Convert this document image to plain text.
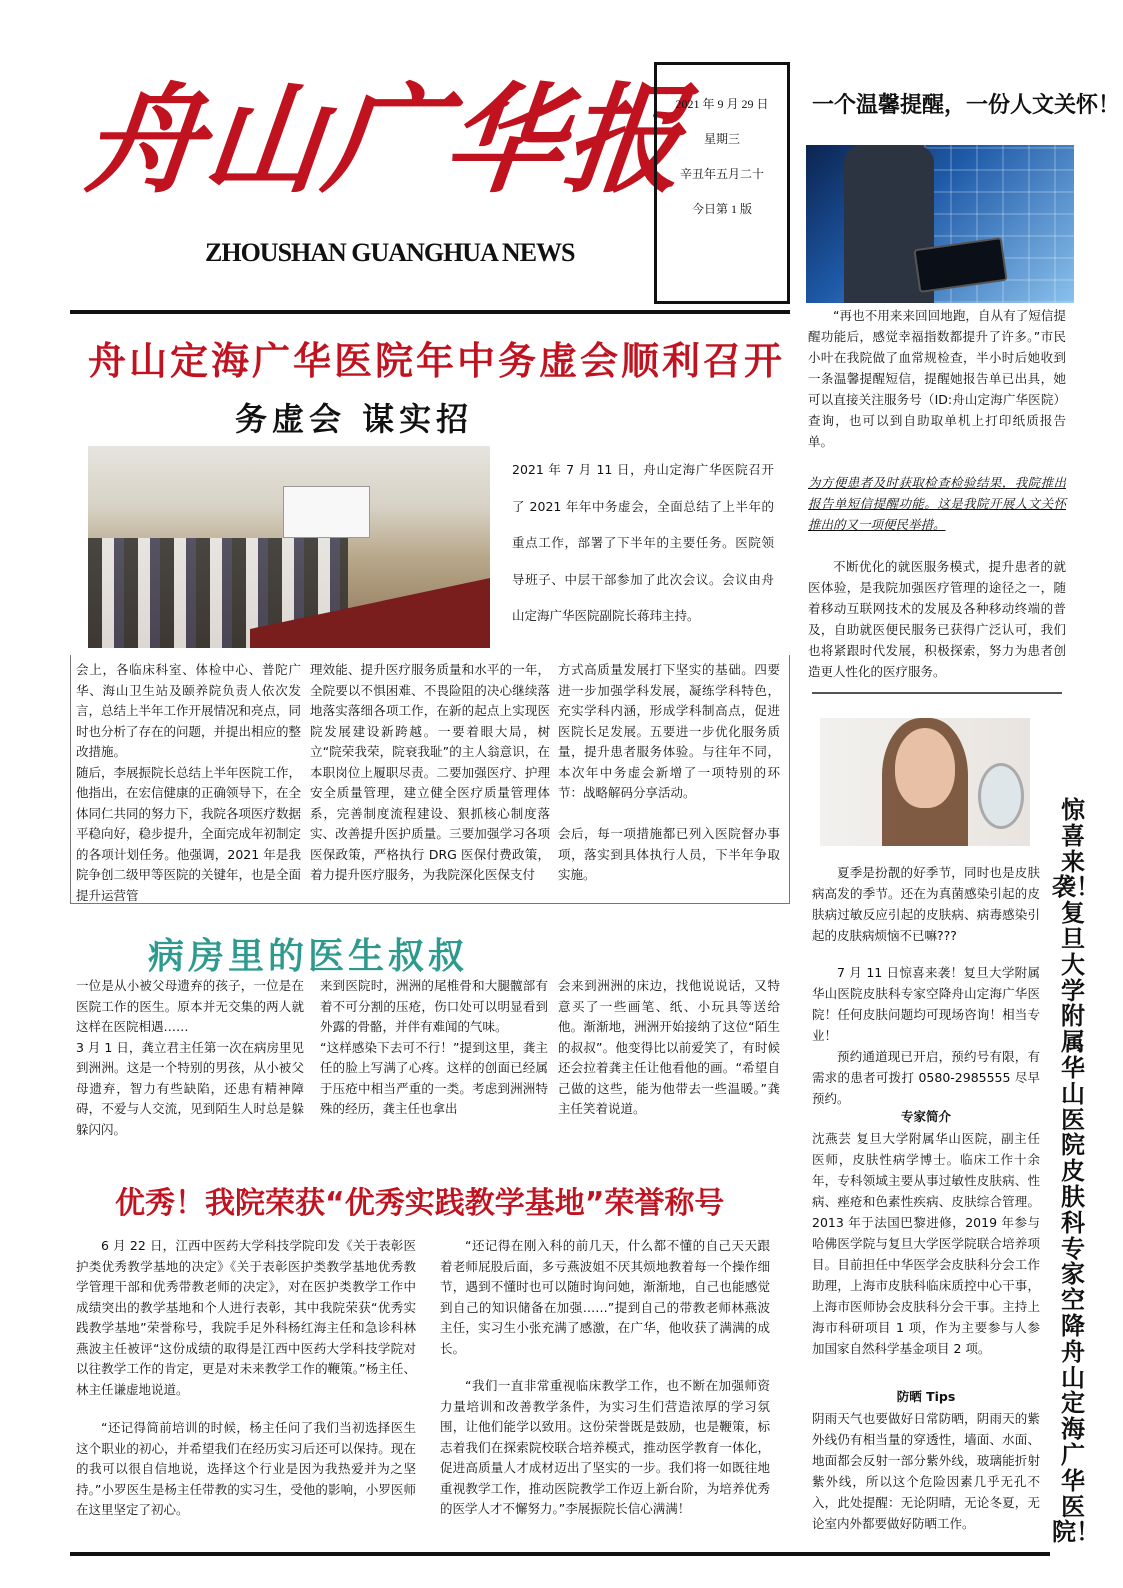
舟山广华报
ZHOUSHAN GUANGHUA NEWS
2021 年 9 月 29 日
星期三
辛丑年五月二十
今日第 1 版
一个温馨提醒，一份人文关怀！
“再也不用来来回回地跑，自从有了短信提醒功能后，感觉幸福指数都提升了许多。”市民小叶在我院做了血常规检查，半小时后她收到一条温馨提醒短信，提醒她报告单已出具，她可以直接关注服务号（ID:舟山定海广华医院）查询，也可以到自助取单机上打印纸质报告单。
为方便患者及时获取检查检验结果，我院推出报告单短信提醒功能。这是我院开展人文关怀推出的又一项便民举措。
不断优化的就医服务模式，提升患者的就医体验，是我院加强医疗管理的途径之一，随着移动互联网技术的发展及各种移动终端的普及，自助就医便民服务已获得广泛认可，我们也将紧跟时代发展，积极探索，努力为患者创造更人性化的医疗服务。
舟山定海广华医院年中务虚会顺利召开
务虚会 谋实招
2021 年 7 月 11 日，舟山定海广华医院召开了 2021 年年中务虚会，全面总结了上半年的重点工作，部署了下半年的主要任务。医院领导班子、中层干部参加了此次会议。会议由舟山定海广华医院副院长蒋玮主持。
会上，各临床科室、体检中心、普陀广华、海山卫生站及颐养院负责人依次发言，总结上半年工作开展情况和亮点，同时也分析了存在的问题，并提出相应的整改措施。
随后，李展振院长总结上半年医院工作，他指出，在宏信健康的正确领导下，在全体同仁共同的努力下，我院各项医疗数据平稳向好，稳步提升，全面完成年初制定的各项计划任务。他强调，2021 年是我院争创二级甲等医院的关键年，也是全面提升运营管
理效能、提升医疗服务质量和水平的一年，全院要以不惧困难、不畏险阻的决心继续落地落实落细各项工作，在新的起点上实现医院发展建设新跨越。一要着眼大局，树立“院荣我荣，院衰我耻”的主人翁意识，在本职岗位上履职尽责。二要加强医疗、护理安全质量管理，建立健全医疗质量管理体系，完善制度流程建设、狠抓核心制度落实、改善提升医护质量。三要加强学习各项医保政策，严格执行 DRG 医保付费政策，着力提升医疗服务，为我院深化医保支付
方式高质量发展打下坚实的基础。四要进一步加强学科发展，凝练学科特色，充实学科内涵，形成学科制高点，促进医院长足发展。五要进一步优化服务质量，提升患者服务体验。与往年不同，本次年中务虚会新增了一项特别的环节：战略解码分享活动。
会后，每一项措施都已列入医院督办事项，落实到具体执行人员，下半年争取实施。
病房里的医生叔叔
一位是从小被父母遗弃的孩子，一位是在医院工作的医生。原本并无交集的两人就这样在医院相遇……
3 月 1 日，龚立君主任第一次在病房里见到洲洲。这是一个特别的男孩，从小被父母遗弃，智力有些缺陷，还患有精神障碍，不爱与人交流，见到陌生人时总是躲躲闪闪。
来到医院时，洲洲的尾椎骨和大腿髋部有着不可分割的压疮，伤口处可以明显看到外露的骨骼，并伴有难闻的气味。
“这样感染下去可不行！”提到这里，龚主任的脸上写满了心疼。这样的创面已经属于压疮中相当严重的一类。考虑到洲洲特殊的经历，龚主任也拿出
会来到洲洲的床边，找他说说话，又特意买了一些画笔、纸、小玩具等送给他。渐渐地，洲洲开始接纳了这位“陌生的叔叔”。他变得比以前爱笑了，有时候还会拉着龚主任让他看他的画。“希望自己做的这些，能为他带去一些温暖。”龚主任笑着说道。
优秀！我院荣获“优秀实践教学基地”荣誉称号
6 月 22 日，江西中医药大学科技学院印发《关于表彰医护类优秀教学基地的决定》《关于表彰医护类教学基地优秀教学管理干部和优秀带教老师的决定》，对在医护类教学工作中成绩突出的教学基地和个人进行表彰，其中我院荣获“优秀实践教学基地”荣誉称号，我院手足外科杨红海主任和急诊科林燕波主任被评“这份成绩的取得是江西中医药大学科技学院对以往教学工作的肯定，更是对未来教学工作的鞭策。”杨主任、林主任谦虚地说道。
“还记得简前培训的时候，杨主任问了我们当初选择医生这个职业的初心，并希望我们在经历实习后还可以保持。现在的我可以很自信地说，选择这个行业是因为我热爱并为之坚持。”小罗医生是杨主任带教的实习生，受他的影响，小罗医师在这里坚定了初心。
“还记得在刚入科的前几天，什么都不懂的自己天天跟着老师屁股后面，多亏燕波姐不厌其烦地教着每一个操作细节，遇到不懂时也可以随时询问她，渐渐地，自己也能感觉到自己的知识储备在加强……”提到自己的带教老师林燕波主任，实习生小张充满了感激，在广华，他收获了满满的成长。
“我们一直非常重视临床教学工作，也不断在加强师资力量培训和改善教学条件，为实习生们营造浓厚的学习氛围，让他们能学以致用。这份荣誉既是鼓励，也是鞭策，标志着我们在探索院校联合培养模式，推动医学教育一体化，促进高质量人才成材迈出了坚实的一步。我们将一如既往地重视教学工作，推动医院教学工作迈上新台阶，为培养优秀的医学人才不懈努力。”李展振院长信心满满！
惊喜来袭！复旦大学附属华山医院皮肤科专家空降舟山定海广华医院！
夏季是扮靓的好季节，同时也是皮肤病高发的季节。还在为真菌感染引起的皮肤病过敏反应引起的皮肤病、病毒感染引起的皮肤病烦恼不已嘛???
7 月 11 日惊喜来袭！复旦大学附属华山医院皮肤科专家空降舟山定海广华医院！任何皮肤问题均可现场咨询！相当专业！
预约通道现已开启，预约号有限，有需求的患者可拨打 0580-2985555 尽早预约。
专家简介
沈燕芸 复旦大学附属华山医院，副主任医师，皮肤性病学博士。临床工作十余年，专科领域主要从事过敏性皮肤病、性病、痤疮和色素性疾病、皮肤综合管理。2013 年于法国巴黎进修，2019 年参与哈佛医学院与复旦大学医学院联合培养项目。目前担任中华医学会皮肤科分会工作助理，上海市皮肤科临床质控中心干事，上海市医师协会皮肤科分会干事。主持上海市科研项目 1 项，作为主要参与人参加国家自然科学基金项目 2 项。
防晒 Tips
阴雨天气也要做好日常防晒，阴雨天的紫外线仍有相当量的穿透性，墙面、水面、地面都会反射一部分紫外线，玻璃能折射紫外线，所以这个危险因素几乎无孔不入，此处提醒：无论阴晴，无论冬夏，无论室内外都要做好防晒工作。
